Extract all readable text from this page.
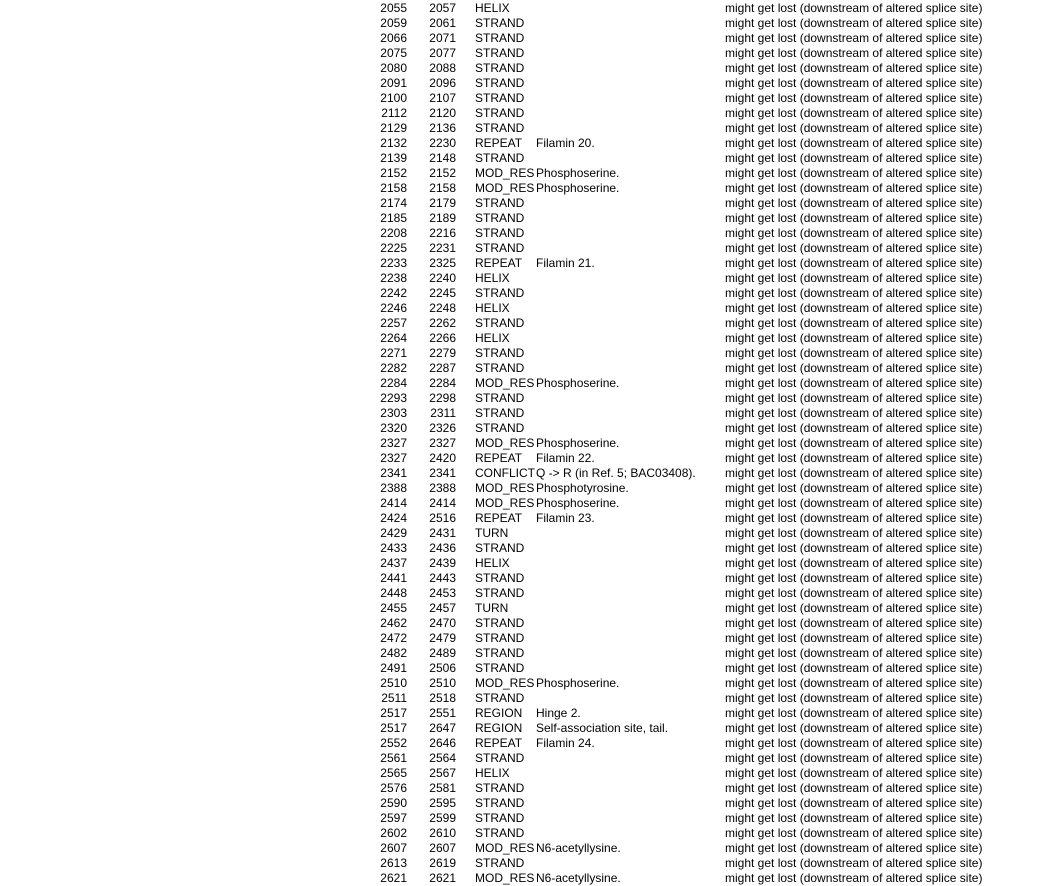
2055		2057		HELIX		might get lost (downstream of altered splice site)
2059		2061		STRAND		might get lost (downstream of altered splice site)
2066		2071		STRAND		might get lost (downstream of altered splice site)
2075		2077		STRAND		might get lost (downstream of altered splice site)
2080		2088		STRAND		might get lost (downstream of altered splice site)
2091		2096		STRAND		might get lost (downstream of altered splice site)
2100		2107		STRAND		might get lost (downstream of altered splice site)
2112		2120		STRAND		might get lost (downstream of altered splice site)
2129		2136		STRAND		might get lost (downstream of altered splice site)
2132		2230		REPEAT	Filamin 20.	might get lost (downstream of altered splice site)
2139		2148		STRAND		might get lost (downstream of altered splice site)
2152		2152		MOD_RES	Phosphoserine.	might get lost (downstream of altered splice site)
2158		2158		MOD_RES	Phosphoserine.	might get lost (downstream of altered splice site)
2174		2179		STRAND		might get lost (downstream of altered splice site)
2185		2189		STRAND		might get lost (downstream of altered splice site)
2208		2216		STRAND		might get lost (downstream of altered splice site)
2225		2231		STRAND		might get lost (downstream of altered splice site)
2233		2325		REPEAT	Filamin 21.	might get lost (downstream of altered splice site)
2238		2240		HELIX		might get lost (downstream of altered splice site)
2242		2245		STRAND		might get lost (downstream of altered splice site)
2246		2248		HELIX		might get lost (downstream of altered splice site)
2257		2262		STRAND		might get lost (downstream of altered splice site)
2264		2266		HELIX		might get lost (downstream of altered splice site)
2271		2279		STRAND		might get lost (downstream of altered splice site)
2282		2287		STRAND		might get lost (downstream of altered splice site)
2284		2284		MOD_RES	Phosphoserine.	might get lost (downstream of altered splice site)
2293		2298		STRAND		might get lost (downstream of altered splice site)
2303		2311		STRAND		might get lost (downstream of altered splice site)
2320		2326		STRAND		might get lost (downstream of altered splice site)
2327		2327		MOD_RES	Phosphoserine.	might get lost (downstream of altered splice site)
2327		2420		REPEAT	Filamin 22.	might get lost (downstream of altered splice site)
2341		2341		CONFLICT	Q -> R (in Ref. 5; BAC03408).	might get lost (downstream of altered splice site)
2388		2388		MOD_RES	Phosphotyrosine.	might get lost (downstream of altered splice site)
2414		2414		MOD_RES	Phosphoserine.	might get lost (downstream of altered splice site)
2424		2516		REPEAT	Filamin 23.	might get lost (downstream of altered splice site)
2429		2431		TURN		might get lost (downstream of altered splice site)
2433		2436		STRAND		might get lost (downstream of altered splice site)
2437		2439		HELIX		might get lost (downstream of altered splice site)
2441		2443		STRAND		might get lost (downstream of altered splice site)
2448		2453		STRAND		might get lost (downstream of altered splice site)
2455		2457		TURN		might get lost (downstream of altered splice site)
2462		2470		STRAND		might get lost (downstream of altered splice site)
2472		2479		STRAND		might get lost (downstream of altered splice site)
2482		2489		STRAND		might get lost (downstream of altered splice site)
2491		2506		STRAND		might get lost (downstream of altered splice site)
2510		2510		MOD_RES	Phosphoserine.	might get lost (downstream of altered splice site)
2511		2518		STRAND		might get lost (downstream of altered splice site)
2517		2551		REGION	Hinge 2.	might get lost (downstream of altered splice site)
2517		2647		REGION	Self-association site, tail.	might get lost (downstream of altered splice site)
2552		2646		REPEAT	Filamin 24.	might get lost (downstream of altered splice site)
2561		2564		STRAND		might get lost (downstream of altered splice site)
2565		2567		HELIX		might get lost (downstream of altered splice site)
2576		2581		STRAND		might get lost (downstream of altered splice site)
2590		2595		STRAND		might get lost (downstream of altered splice site)
2597		2599		STRAND		might get lost (downstream of altered splice site)
2602		2610		STRAND		might get lost (downstream of altered splice site)
2607		2607		MOD_RES	N6-acetyllysine.	might get lost (downstream of altered splice site)
2613		2619		STRAND		might get lost (downstream of altered splice site)
2621		2621		MOD_RES	N6-acetyllysine.	might get lost (downstream of altered splice site)
